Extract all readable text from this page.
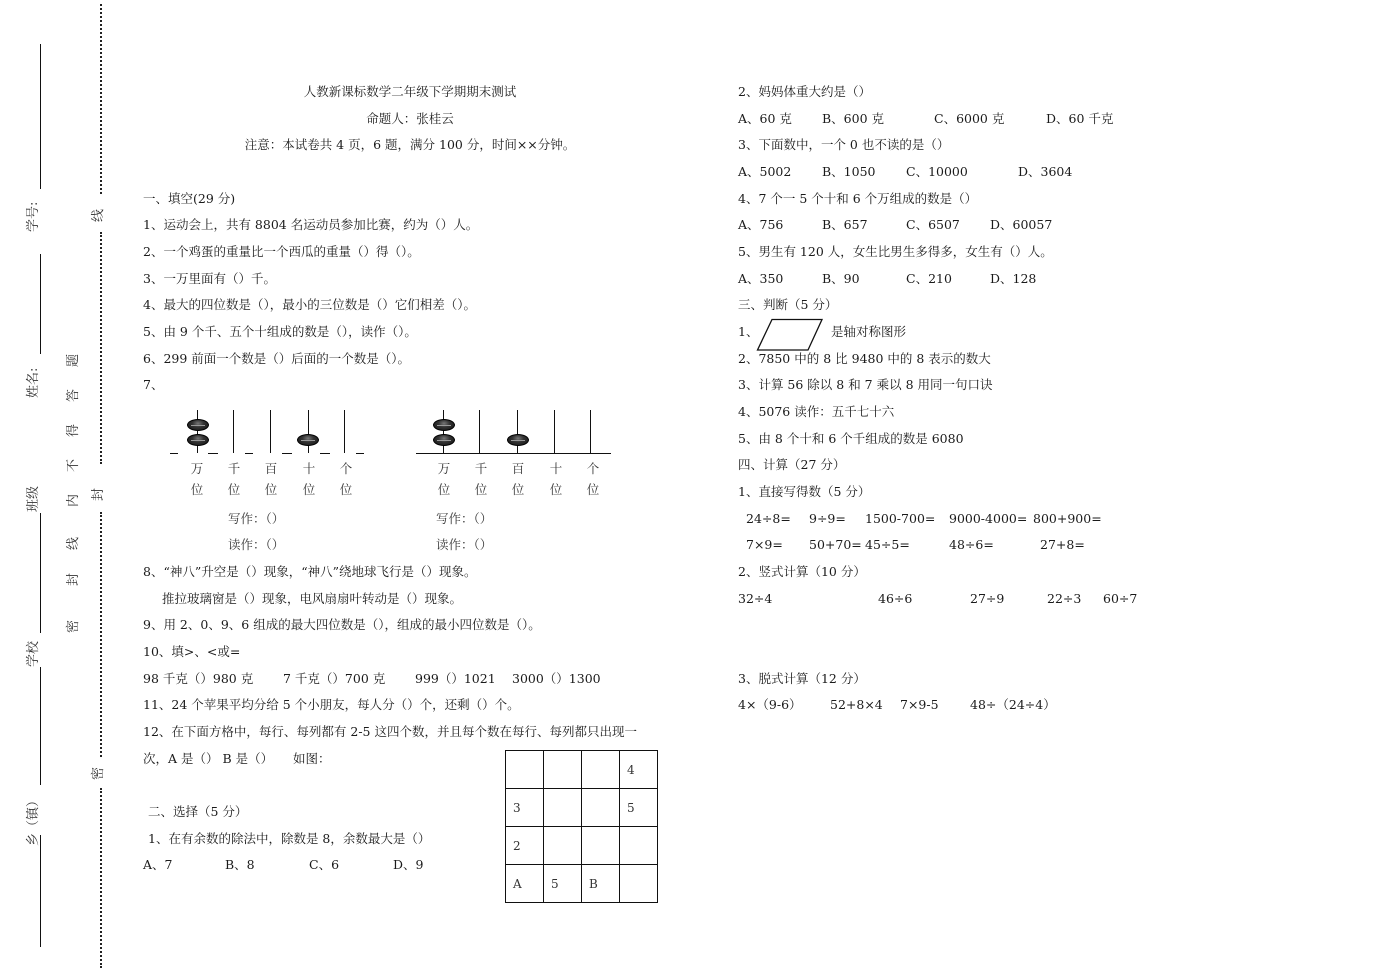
学号:
姓名:
班级
学校
乡（镇）
不
得
答
题
内
线
封
密
线
封
密
人教新课标数学二年级下学期期末测试
命题人：张桂云
注意：本试卷共 4 页，6 题，满分 100 分，时间××分钟。
一、填空(29 分)
1、运动会上，共有 8804 名运动员参加比赛，约为（）人。
2、一个鸡蛋的重量比一个西瓜的重量（）得（）。
3、一万里面有（）千。
4、最大的四位数是（），最小的三位数是（）它们相差（）。
5、由 9 个千、五个十组成的数是（），读作（）。
6、299 前面一个数是（）后面的一个数是（）。
7、
万	千	百	十	个
位	位	位	位	位
写作：（）
读作：（）
万	千	百	十	个
位	位	位	位	位
写作：（）
读作：（）
8、“神八”升空是（）现象，“神八”绕地球飞行是（）现象。
推拉玻璃窗是（）现象，电风扇扇叶转动是（）现象。
9、用 2、0、9、6 组成的最大四位数是（），组成的最小四位数是（）。
10、填>、<或=
98 千克（）980 克 7 千克（）700 克 999（）1021 3000（）1300
11、24 个苹果平均分给 5 个小朋友，每人分（）个，还剩（）个。
12、在下面方格中，每行、每列都有 2-5 这四个数，并且每个数在每行、每列都只出现一
次，A 是（） B 是（）     如图：
			4
3			5
2			
A	5	B	
二、选择（5 分）
1、在有余数的除法中，除数是 8，余数最大是（）
A、7	B、8	C、6	D、9
2、妈妈体重大约是（）
A、60 克 B、600 克	C、6000 克	D、60 千克
3、下面数中，一个 0 也不读的是（）
A、5002 B、1050 C、10000	D、3604
4、7 个一 5 个十和 6 个万组成的数是（）
A、756	B、657	C、6507 D、60057
5、男生有 120 人，女生比男生多得多，女生有（）人。
A、350	B、90	C、210	D、128
三、判断（5 分）
1、	是轴对称图形
2、7850 中的 8 比 9480 中的 8 表示的数大
3、计算 56 除以 8 和 7 乘以 8 用同一句口诀
4、5076 读作：五千七十六
5、由 8 个十和 6 个千组成的数是 6080
四、计算（27 分）
1、直接写得数（5 分）
24÷8= 9÷9= 1500-700= 9000-4000= 800+900=
7×9= 50+70= 45÷5=	48÷6=	27+8=
2、竖式计算（10 分）
32÷4	46÷6	27÷9	22÷3 60÷7
3、脱式计算（12 分）
4×（9-6） 52+8×4 7×9-5	48÷（24÷4）
